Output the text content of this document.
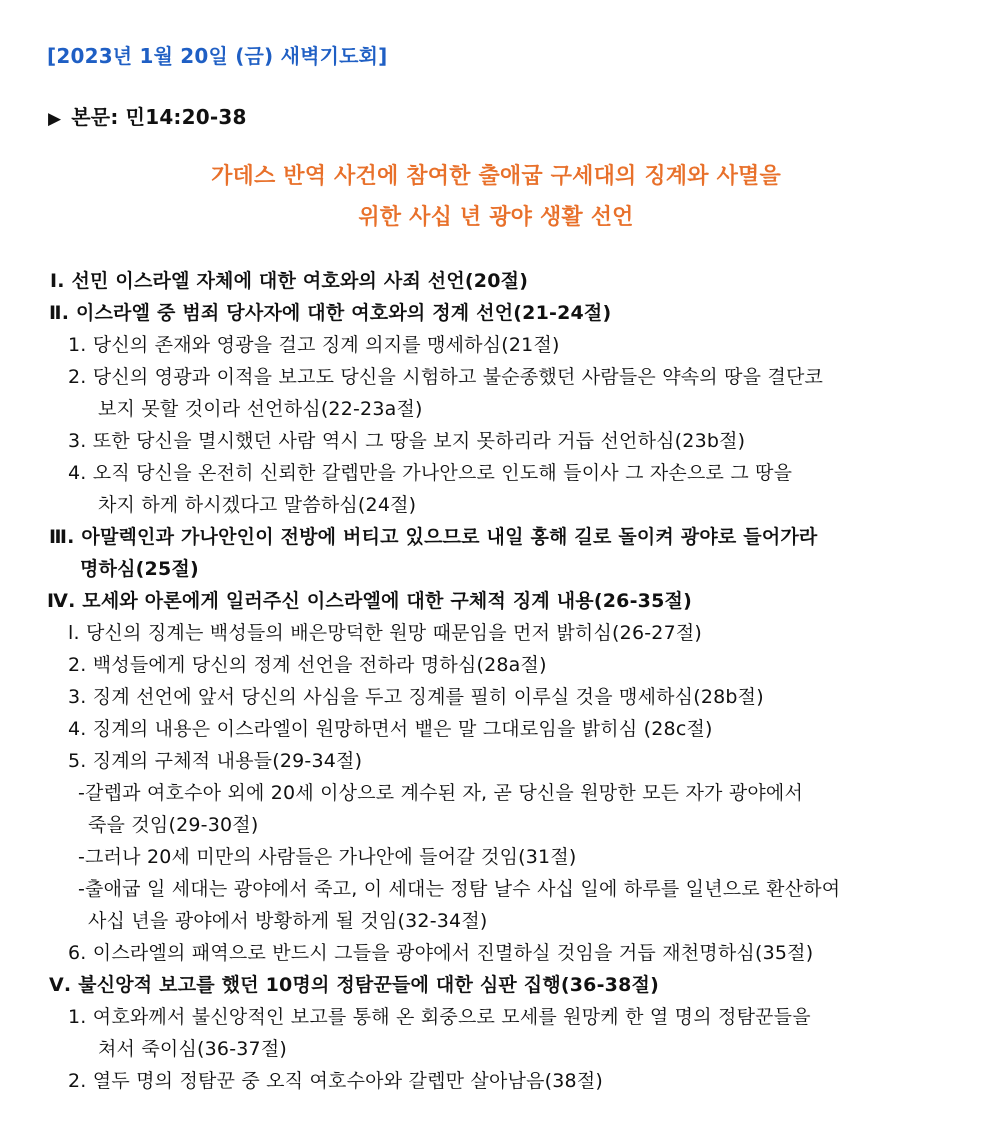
[2023년 1월 20일 (금) 새벽기도회]
▶ 본문: 민14:20-38
가데스 반역 사건에 참여한 출애굽 구세대의 징계와 사멸을
위한 사십 년 광야 생활 선언
Ⅰ. 선민 이스라엘 자체에 대한 여호와의 사죄 선언(20절)
Ⅱ. 이스라엘 중 범죄 당사자에 대한 여호와의 정계 선언(21-24절)
1. 당신의 존재와 영광을 걸고 징계 의지를 맹세하심(21절)
2. 당신의 영광과 이적을 보고도 당신을 시험하고 불순종했던 사람들은 약속의 땅을 결단코
보지 못할 것이라 선언하심(22-23a절)
3. 또한 당신을 멸시했던 사람 역시 그 땅을 보지 못하리라 거듭 선언하심(23b절)
4. 오직 당신을 온전히 신뢰한 갈렙만을 가나안으로 인도해 들이사 그 자손으로 그 땅을
차지 하게 하시겠다고 말씀하심(24절)
Ⅲ. 아말렉인과 가나안인이 전방에 버티고 있으므로 내일 홍해 길로 돌이켜 광야로 들어가라
명하심(25절)
Ⅳ. 모세와 아론에게 일러주신 이스라엘에 대한 구체적 징계 내용(26-35절)
l. 당신의 징계는 백성들의 배은망덕한 원망 때문임을 먼저 밝히심(26-27절)
2. 백성들에게 당신의 정계 선언을 전하라 명하심(28a절)
3. 징계 선언에 앞서 당신의 사심을 두고 징계를 필히 이루실 것을 맹세하심(28b절)
4. 징계의 내용은 이스라엘이 원망하면서 뱉은 말 그대로임을 밝히심 (28c절)
5. 징계의 구체적 내용들(29-34절)
-갈렙과 여호수아 외에 20세 이상으로 계수된 자, 곧 당신을 원망한 모든 자가 광야에서
죽을 것임(29-30절)
-그러나 20세 미만의 사람들은 가나안에 들어갈 것임(31절)
-출애굽 일 세대는 광야에서 죽고, 이 세대는 정탐 날수 사십 일에 하루를 일년으로 환산하여
사십 년을 광야에서 방황하게 될 것임(32-34절)
6. 이스라엘의 패역으로 반드시 그들을 광야에서 진멸하실 것임을 거듭 재천명하심(35절)
Ⅴ. 불신앙적 보고를 했던 10명의 정탐꾼들에 대한 심판 집행(36-38절)
1. 여호와께서 불신앙적인 보고를 통해 온 회중으로 모세를 원망케 한 열 명의 정탐꾼들을
쳐서 죽이심(36-37절)
2. 열두 명의 정탐꾼 중 오직 여호수아와 갈렙만 살아남음(38절)
